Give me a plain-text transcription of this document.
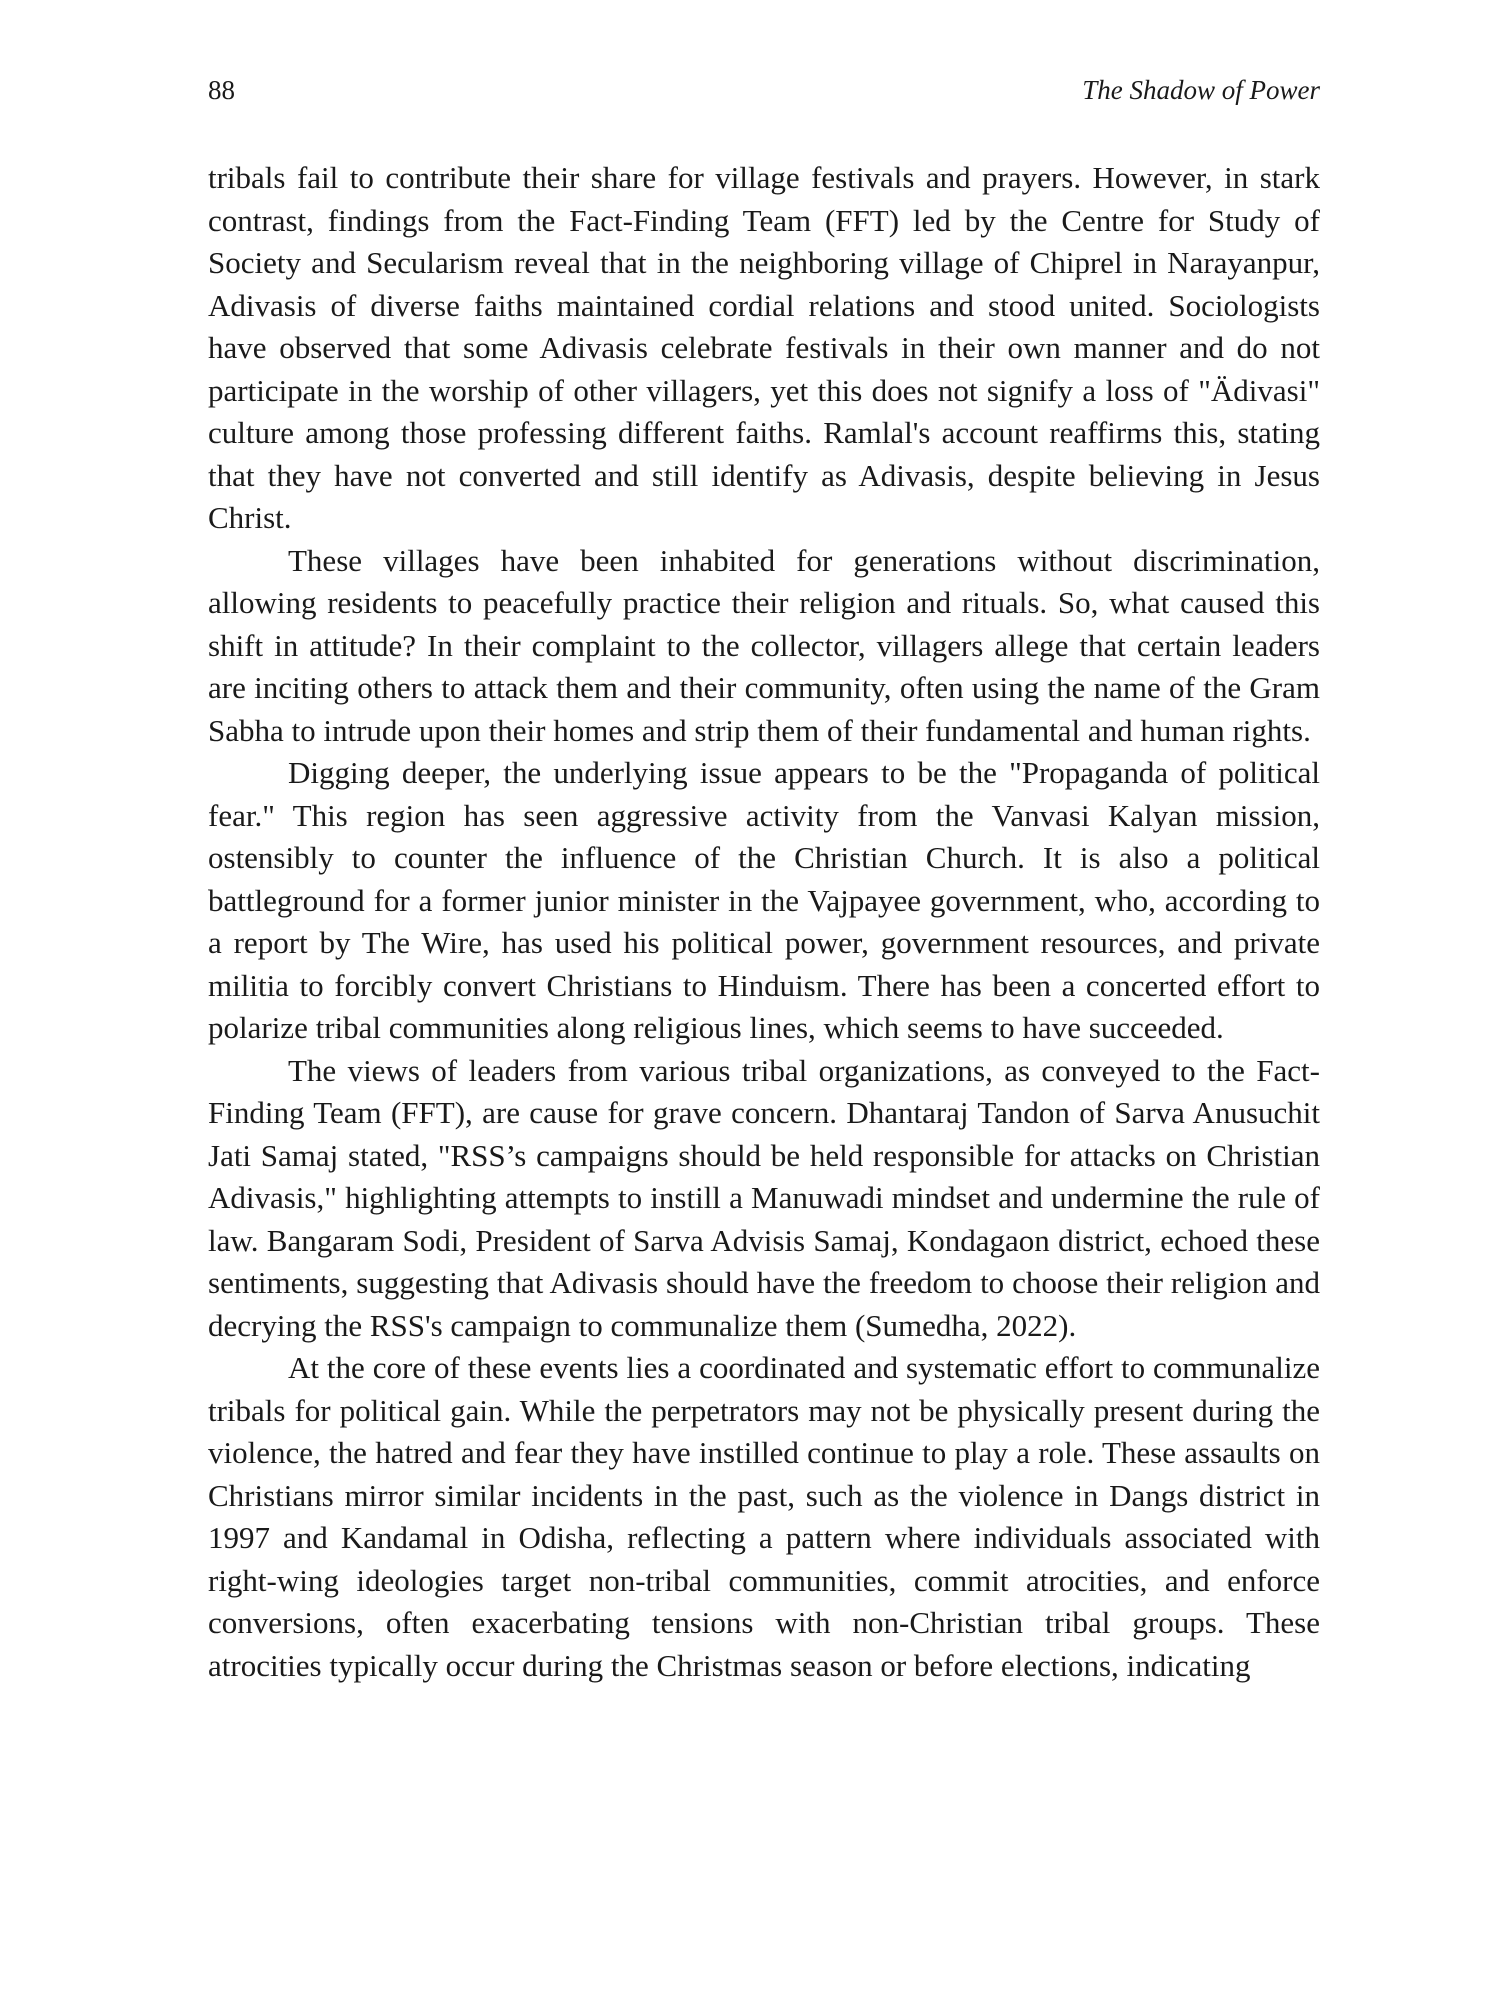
88	The Shadow of Power

tribals fail to contribute their share for village festivals and prayers. However, in stark contrast, findings from the Fact-Finding Team (FFT) led by the Centre for Study of Society and Secularism reveal that in the neighboring village of Chiprel in Narayanpur, Adivasis of diverse faiths maintained cordial relations and stood united. Sociologists have observed that some Adivasis celebrate festivals in their own manner and do not participate in the worship of other villagers, yet this does not signify a loss of "Ädivasi" culture among those professing different faiths. Ramlal's account reaffirms this, stating that they have not converted and still identify as Adivasis, despite believing in Jesus Christ.

These villages have been inhabited for generations without discrimination, allowing residents to peacefully practice their religion and rituals. So, what caused this shift in attitude? In their complaint to the collector, villagers allege that certain leaders are inciting others to attack them and their community, often using the name of the Gram Sabha to intrude upon their homes and strip them of their fundamental and human rights.

Digging deeper, the underlying issue appears to be the "Propaganda of political fear." This region has seen aggressive activity from the Vanvasi Kalyan mission, ostensibly to counter the influence of the Christian Church. It is also a political battleground for a former junior minister in the Vajpayee government, who, according to a report by The Wire, has used his political power, government resources, and private militia to forcibly convert Christians to Hinduism. There has been a concerted effort to polarize tribal communities along religious lines, which seems to have succeeded.

The views of leaders from various tribal organizations, as conveyed to the Fact-Finding Team (FFT), are cause for grave concern. Dhantaraj Tandon of Sarva Anusuchit Jati Samaj stated, "RSS’s campaigns should be held responsible for attacks on Christian Adivasis," highlighting attempts to instill a Manuwadi mindset and undermine the rule of law. Bangaram Sodi, President of Sarva Advisis Samaj, Kondagaon district, echoed these sentiments, suggesting that Adivasis should have the freedom to choose their religion and decrying the RSS's campaign to communalize them (Sumedha, 2022).

At the core of these events lies a coordinated and systematic effort to communalize tribals for political gain. While the perpetrators may not be physically present during the violence, the hatred and fear they have instilled continue to play a role. These assaults on Christians mirror similar incidents in the past, such as the violence in Dangs district in 1997 and Kandamal in Odisha, reflecting a pattern where individuals associated with right-wing ideologies target non-tribal communities, commit atrocities, and enforce conversions, often exacerbating tensions with non-Christian tribal groups. These atrocities typically occur during the Christmas season or before elections, indicating
